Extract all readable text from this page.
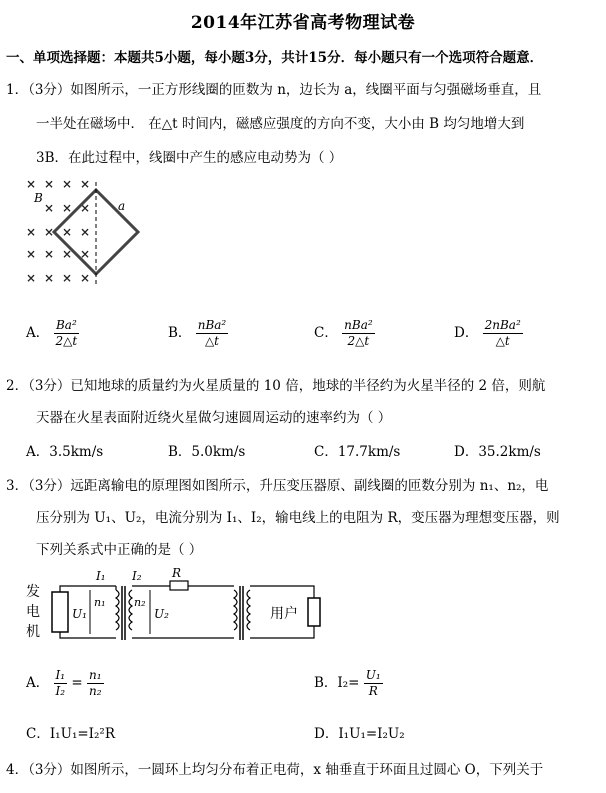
2014年江苏省高考物理试卷
一、单项选择题：本题共5小题，每小题3分，共计15分．每小题只有一个选项符合题意．
1．（3分）如图所示，一正方形线圈的匝数为 n，边长为 a，线圈平面与匀强磁场垂直，且
一半处在磁场中． 在△t 时间内，磁感应强度的方向不变，大小由 B 均匀地增大到
3B．在此过程中，线圈中产生的感应电动势为（ ）
× × × ×
× × ×
× × × ×
× × × ×
× × × ×
B
a
A． $\frac{\text{Ba²}}{2\triangle t}$	B． $\frac{\text{nBa²}}{\triangle t}$	C． $\frac{\text{nBa²}}{2\triangle t}$	D． $\frac{\text{2nBa²}}{\triangle t}$
2．（3分）已知地球的质量约为火星质量的 10 倍，地球的半径约为火星半径的 2 倍，则航
天器在火星表面附近绕火星做匀速圆周运动的速率约为（ ）
A．3.5km/s	B．5.0km/s	C．17.7km/s	D．35.2km/s
3．（3分）远距离输电的原理图如图所示，升压变压器原、副线圈的匝数分别为 n₁、n₂，电
压分别为 U₁、U₂，电流分别为 I₁、I₂，输电线上的电阻为 R，变压器为理想变压器，则
下列关系式中正确的是（ ）
发
电
机
U₁
I₁
n₁
R
I₂
n₂
U₂	用户
A． $\frac{\text{I₁}}{\text{I₂}} = \frac{\text{n₁}}{\text{n₂}}$	B．$I_2= \frac{\text{U₁}}{R}$
C．I₁U₁=I₂²R	D．I₁U₁=I₂U₂
4．（3分）如图所示，一圆环上均匀分布着正电荷，x 轴垂直于环面且过圆心 O，下列关于
